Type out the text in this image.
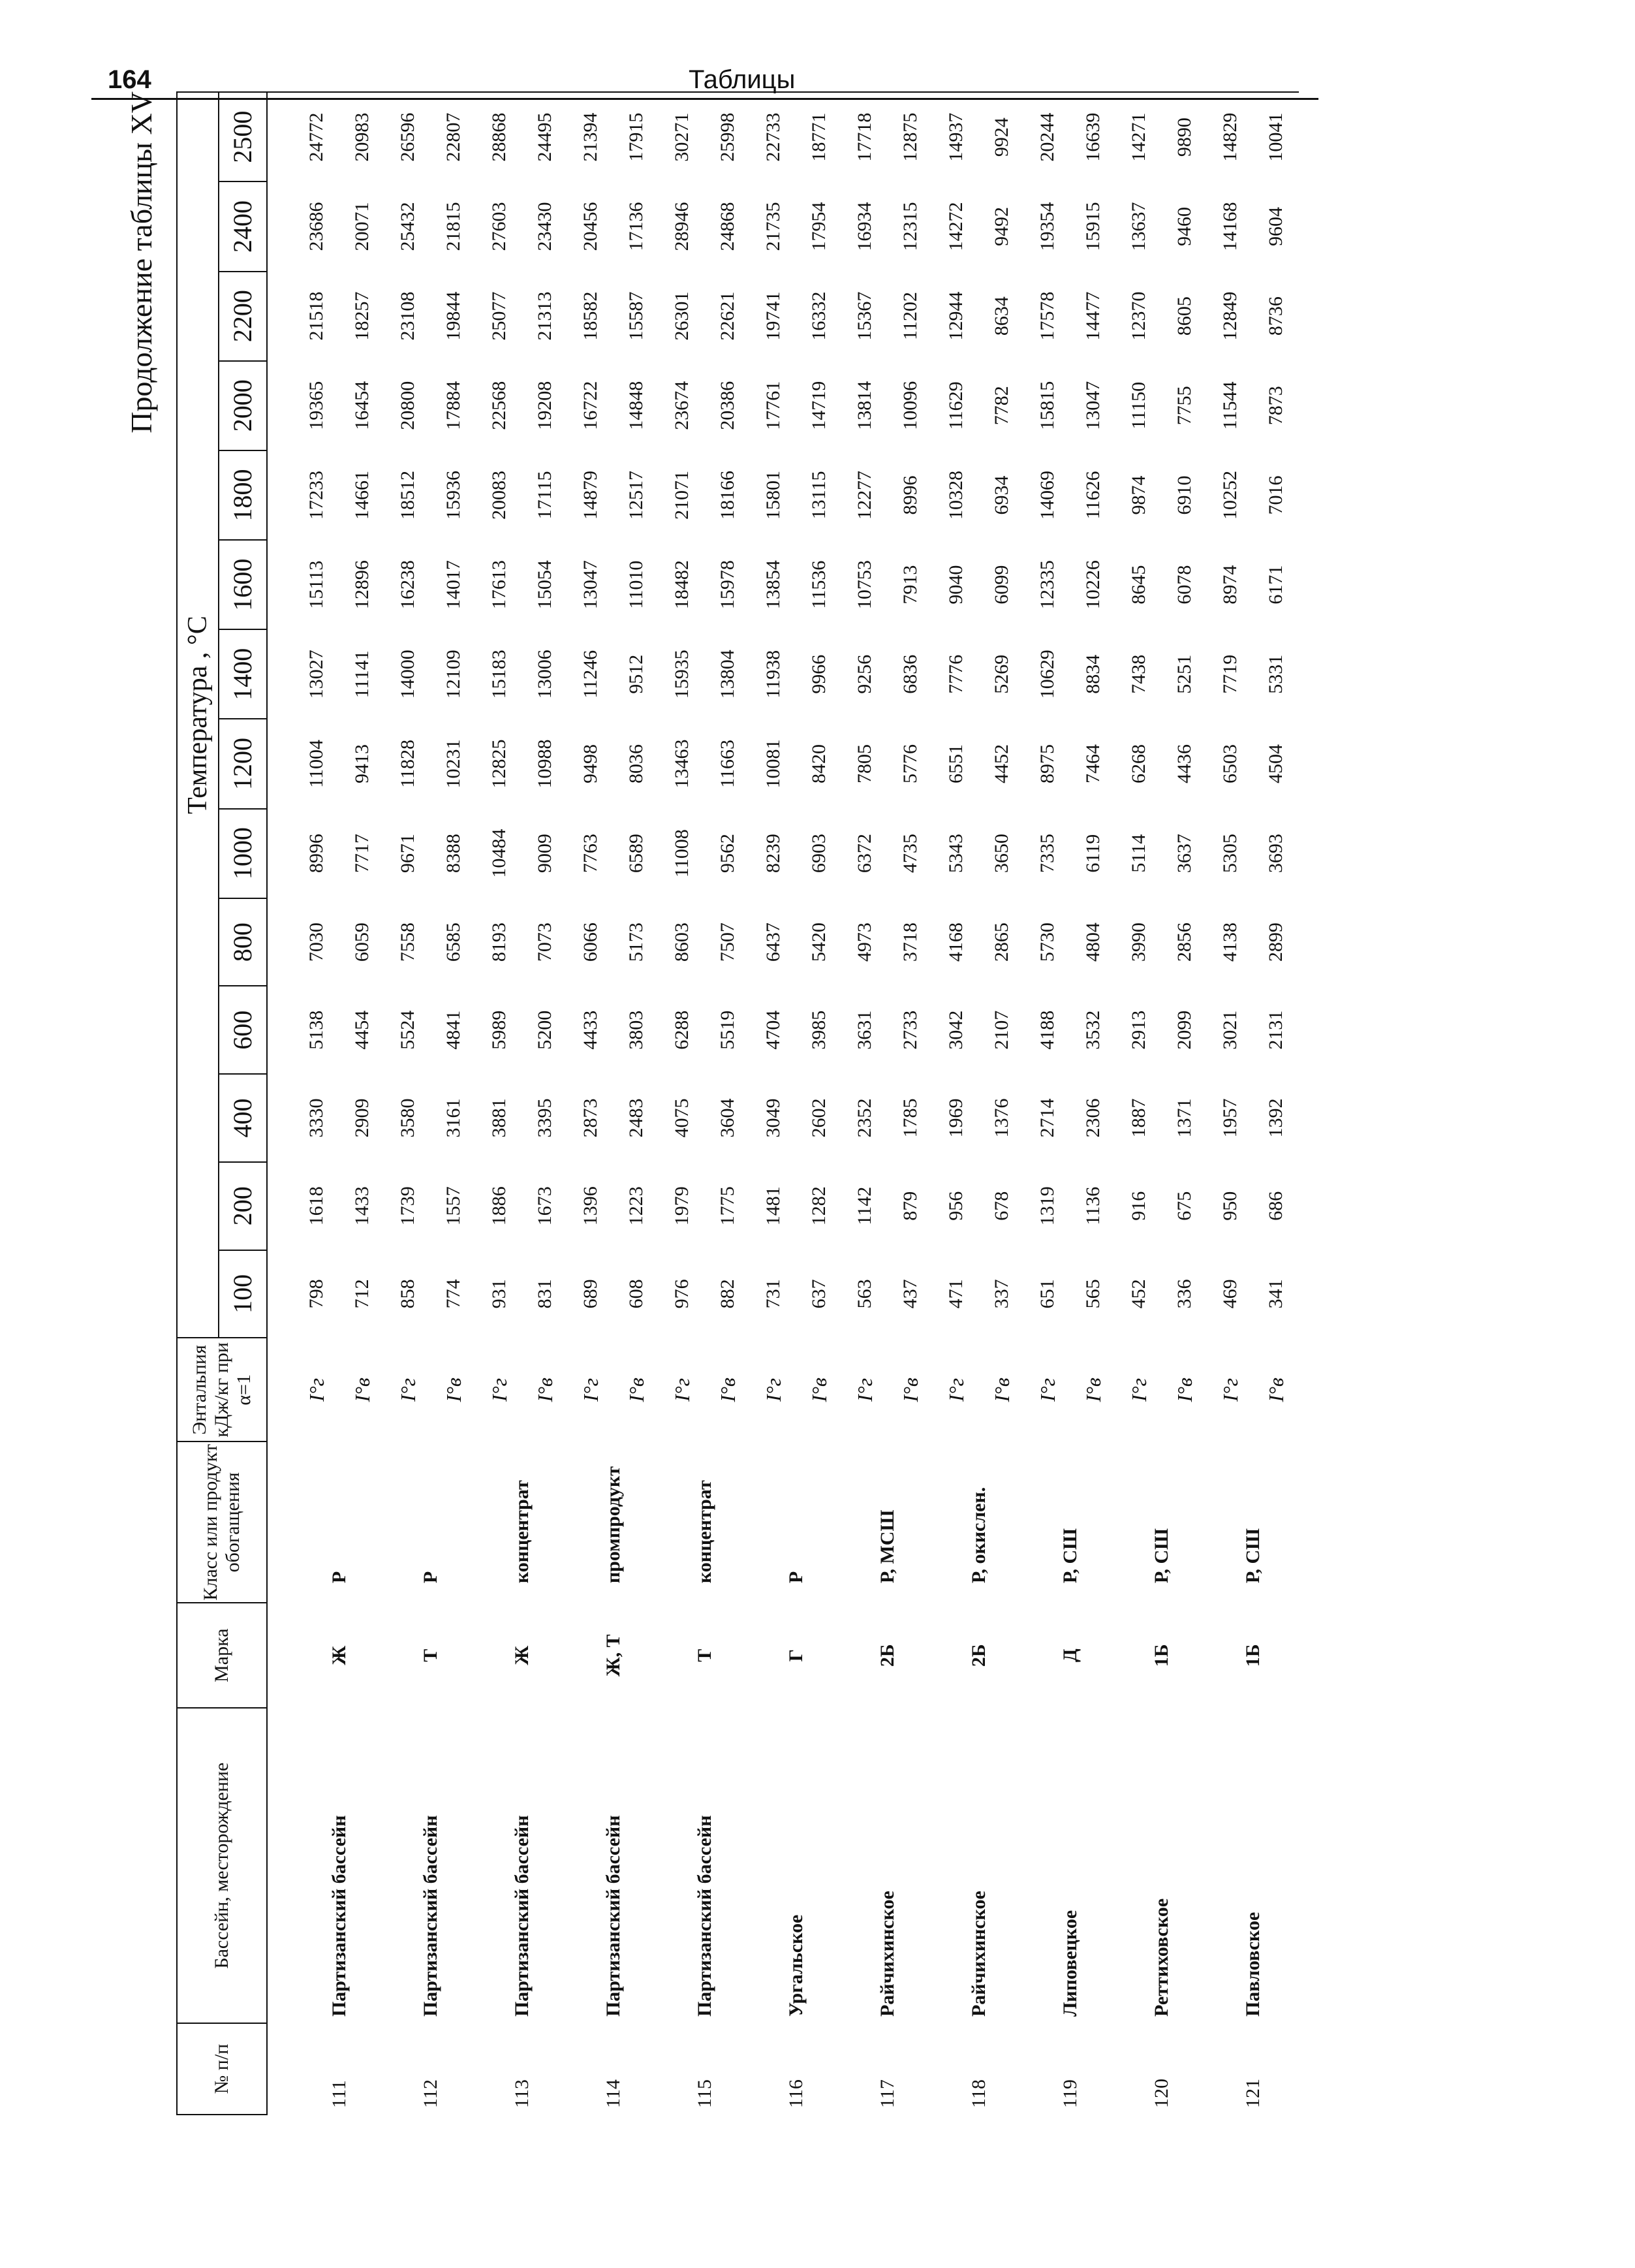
164	Таблицы
Продолжение таблицы XV
№ п/п	Бассейн, месторождение	Марка	Класс или продукт обогащения	Энтальпия кДж/кг при α=1	Температура , °С													
					100	200	400	600	800	1000	1200	1400	1600	1800	2000	2200	2400	2500
111	Партизанский бассейн	Ж	Р	I°г	798	1618	3330	5138	7030	8996	11004	13027	15113	17233	19365	21518	23686	24772
				I°в	712	1433	2909	4454	6059	7717	9413	11141	12896	14661	16454	18257	20071	20983
112	Партизанский бассейн	Т	Р	I°г	858	1739	3580	5524	7558	9671	11828	14000	16238	18512	20800	23108	25432	26596
				I°в	774	1557	3161	4841	6585	8388	10231	12109	14017	15936	17884	19844	21815	22807
113	Партизанский бассейн	Ж	концентрат	I°г	931	1886	3881	5989	8193	10484	12825	15183	17613	20083	22568	25077	27603	28868
				I°в	831	1673	3395	5200	7073	9009	10988	13006	15054	17115	19208	21313	23430	24495
114	Партизанский бассейн	Ж, Т	промпродукт	I°г	689	1396	2873	4433	6066	7763	9498	11246	13047	14879	16722	18582	20456	21394
				I°в	608	1223	2483	3803	5173	6589	8036	9512	11010	12517	14848	15587	17136	17915
115	Партизанский бассейн	Т	концентрат	I°г	976	1979	4075	6288	8603	11008	13463	15935	18482	21071	23674	26301	28946	30271
				I°в	882	1775	3604	5519	7507	9562	11663	13804	15978	18166	20386	22621	24868	25998
116	Ургальское	Г	Р	I°г	731	1481	3049	4704	6437	8239	10081	11938	13854	15801	17761	19741	21735	22733
				I°в	637	1282	2602	3985	5420	6903	8420	9966	11536	13115	14719	16332	17954	18771
117	Райчихинское	2Б	Р, МСШ	I°г	563	1142	2352	3631	4973	6372	7805	9256	10753	12277	13814	15367	16934	17718
				I°в	437	879	1785	2733	3718	4735	5776	6836	7913	8996	10096	11202	12315	12875
118	Райчихинское	2Б	Р, окислен.	I°г	471	956	1969	3042	4168	5343	6551	7776	9040	10328	11629	12944	14272	14937
				I°в	337	678	1376	2107	2865	3650	4452	5269	6099	6934	7782	8634	9492	9924
119	Липовецкое	Д	Р, СШ	I°г	651	1319	2714	4188	5730	7335	8975	10629	12335	14069	15815	17578	19354	20244
				I°в	565	1136	2306	3532	4804	6119	7464	8834	10226	11626	13047	14477	15915	16639
120	Реттиховское	1Б	Р, СШ	I°г	452	916	1887	2913	3990	5114	6268	7438	8645	9874	11150	12370	13637	14271
				I°в	336	675	1371	2099	2856	3637	4436	5251	6078	6910	7755	8605	9460	9890
121	Павловское	1Б	Р, СШ	I°г	469	950	1957	3021	4138	5305	6503	7719	8974	10252	11544	12849	14168	14829
				I°в	341	686	1392	2131	2899	3693	4504	5331	6171	7016	7873	8736	9604	10041
